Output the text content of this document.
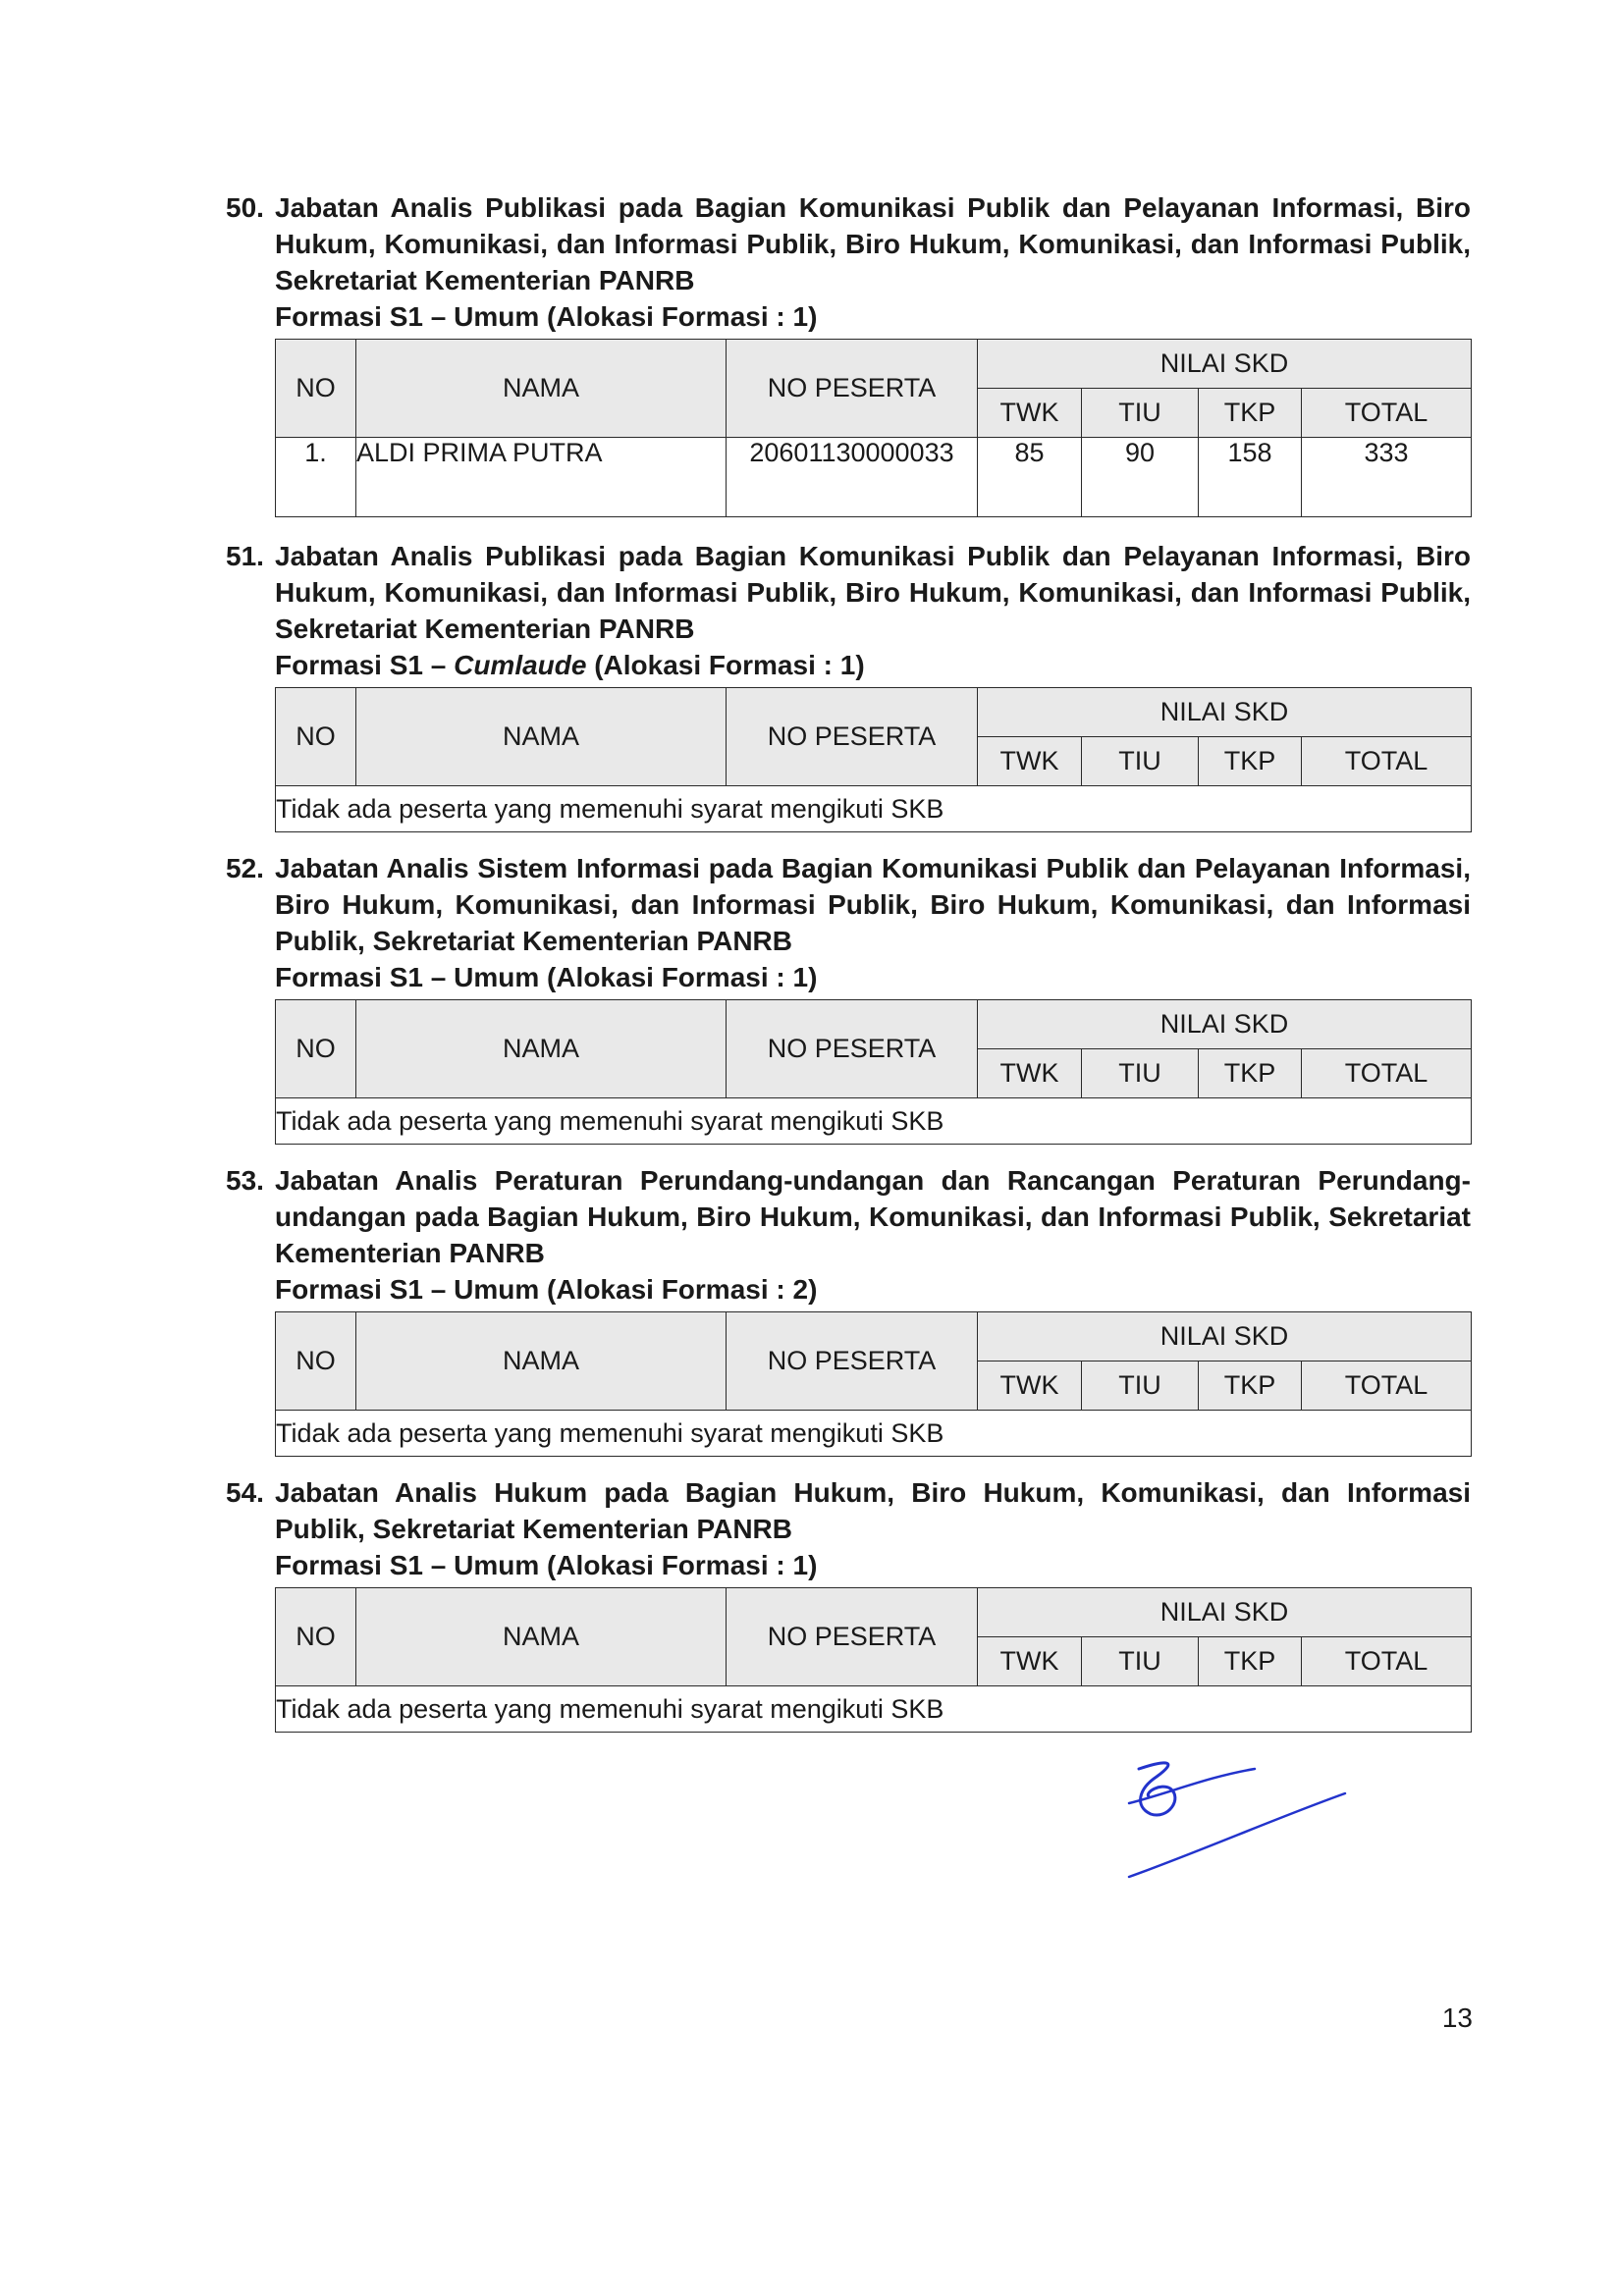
50. Jabatan Analis Publikasi pada Bagian Komunikasi Publik dan Pelayanan Informasi, Biro Hukum, Komunikasi, dan Informasi Publik, Biro Hukum, Komunikasi, dan Informasi Publik, Sekretariat Kementerian PANRB
Formasi S1 – Umum (Alokasi Formasi : 1)
NO	NAMA	NO PESERTA	NILAI SKD			
			TWK	TIU	TKP	TOTAL
1.	ALDI PRIMA PUTRA	20601130000033	85	90	158	333
51. Jabatan Analis Publikasi pada Bagian Komunikasi Publik dan Pelayanan Informasi, Biro Hukum, Komunikasi, dan Informasi Publik, Biro Hukum, Komunikasi, dan Informasi Publik, Sekretariat Kementerian PANRB
Formasi S1 – Cumlaude (Alokasi Formasi : 1)
NO	NAMA	NO PESERTA	NILAI SKD			
			TWK	TIU	TKP	TOTAL
Tidak ada peserta yang memenuhi syarat mengikuti SKB						
52. Jabatan Analis Sistem Informasi pada Bagian Komunikasi Publik dan Pelayanan Informasi, Biro Hukum, Komunikasi, dan Informasi Publik, Biro Hukum, Komunikasi, dan Informasi Publik, Sekretariat Kementerian PANRB
Formasi S1 – Umum (Alokasi Formasi : 1)
NO	NAMA	NO PESERTA	NILAI SKD			
			TWK	TIU	TKP	TOTAL
Tidak ada peserta yang memenuhi syarat mengikuti SKB						
53. Jabatan Analis Peraturan Perundang-undangan dan Rancangan Peraturan Perundang-undangan pada Bagian Hukum, Biro Hukum, Komunikasi, dan Informasi Publik, Sekretariat Kementerian PANRB
Formasi S1 – Umum (Alokasi Formasi : 2)
NO	NAMA	NO PESERTA	NILAI SKD			
			TWK	TIU	TKP	TOTAL
Tidak ada peserta yang memenuhi syarat mengikuti SKB						
54. Jabatan Analis Hukum pada Bagian Hukum, Biro Hukum, Komunikasi, dan Informasi Publik, Sekretariat Kementerian PANRB
Formasi S1 – Umum (Alokasi Formasi : 1)
NO	NAMA	NO PESERTA	NILAI SKD			
			TWK	TIU	TKP	TOTAL
Tidak ada peserta yang memenuhi syarat mengikuti SKB						
13
